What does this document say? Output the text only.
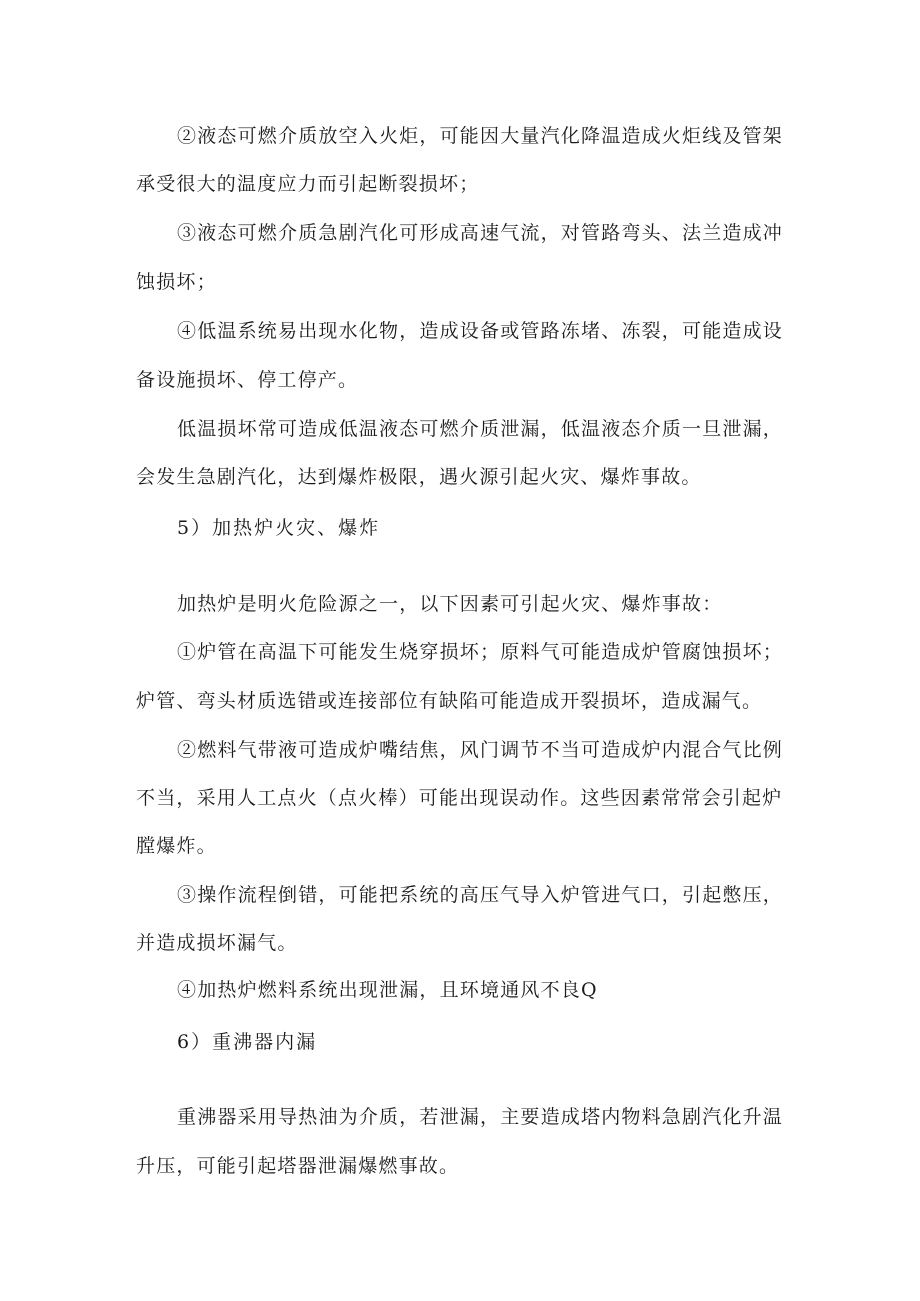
②液态可燃介质放空入火炬，可能因大量汽化降温造成火炬线及管架
承受很大的温度应力而引起断裂损坏；
③液态可燃介质急剧汽化可形成高速气流，对管路弯头、法兰造成冲
蚀损坏；
④低温系统易出现水化物，造成设备或管路冻堵、冻裂，可能造成设
备设施损坏、停工停产。
低温损坏常可造成低温液态可燃介质泄漏，低温液态介质一旦泄漏，
会发生急剧汽化，达到爆炸极限，遇火源引起火灾、爆炸事故。
5）加热炉火灾、爆炸
加热炉是明火危险源之一，以下因素可引起火灾、爆炸事故：
①炉管在高温下可能发生烧穿损坏；原料气可能造成炉管腐蚀损坏；
炉管、弯头材质选错或连接部位有缺陷可能造成开裂损坏，造成漏气。
②燃料气带液可造成炉嘴结焦，风门调节不当可造成炉内混合气比例
不当，采用人工点火（点火棒）可能出现误动作。这些因素常常会引起炉
膛爆炸。
③操作流程倒错，可能把系统的高压气导入炉管进气口，引起憋压，
并造成损坏漏气。
④加热炉燃料系统出现泄漏，且环境通风不良Q
6）重沸器内漏
重沸器采用导热油为介质，若泄漏，主要造成塔内物料急剧汽化升温
升压，可能引起塔器泄漏爆燃事故。
